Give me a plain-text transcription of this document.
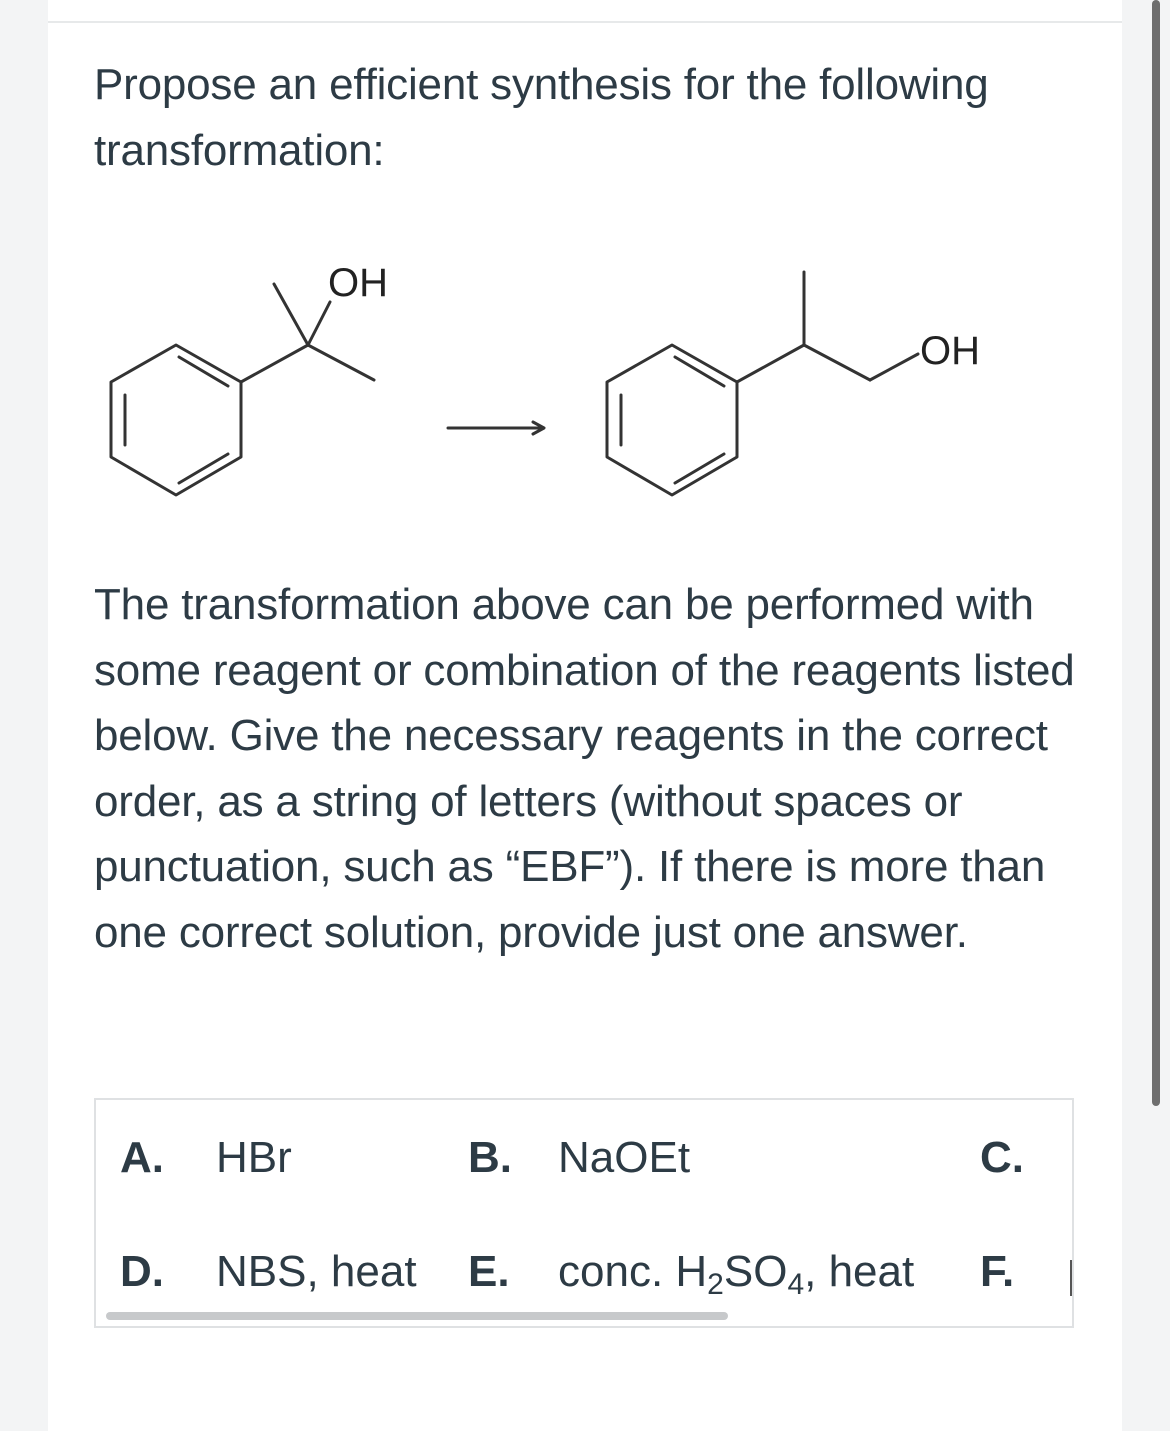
Propose an efficient synthesis for the following transformation:

OH
OH

The transformation above can be performed with some reagent or combination of the reagents listed below. Give the necessary reagents in the correct order, as a string of letters (without spaces or punctuation, such as “EBF”). If there is more than one correct solution, provide just one answer.

A. HBr	B. NaOEt	C.
D. NBS, heat E. conc. $H_2SO_4$, heat F.
